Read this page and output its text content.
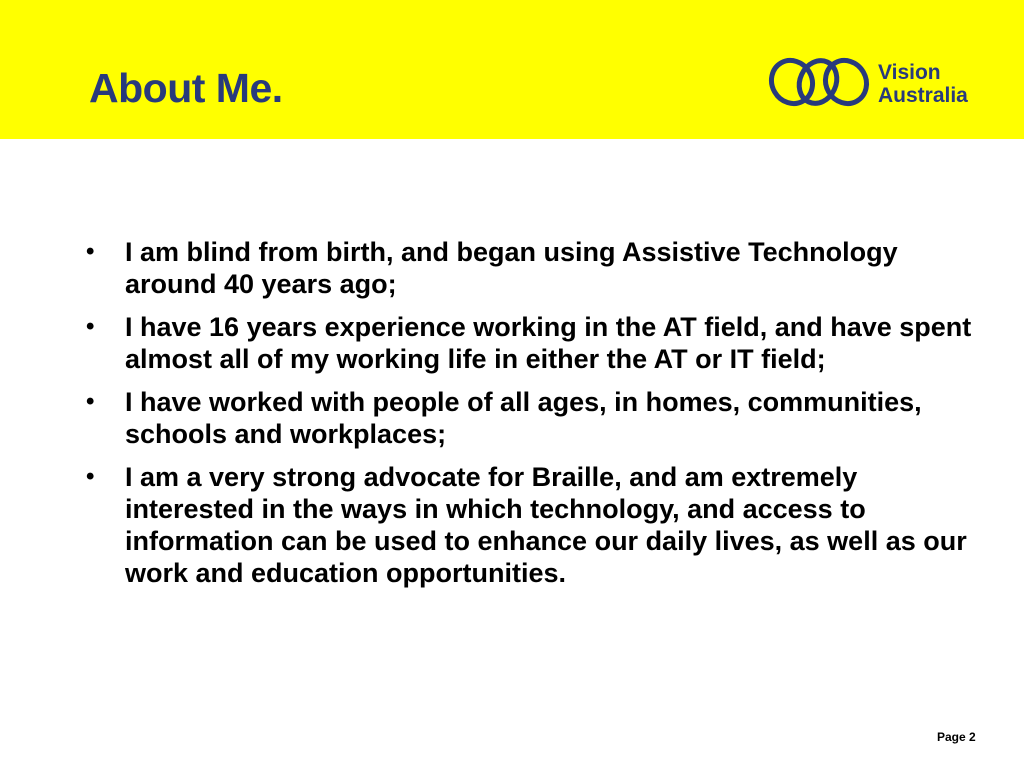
About Me.	Vision
Australia
• I am blind from birth, and began using Assistive Technology around 40 years ago;
• I have 16 years experience working in the AT field, and have spent almost all of my working life in either the AT or IT field;
• I have worked with people of all ages, in homes, communities, schools and workplaces;
• I am a very strong advocate for Braille, and am extremely interested in the ways in which technology, and access to information can be used to enhance our daily lives, as well as our work and education opportunities.
Page 2
